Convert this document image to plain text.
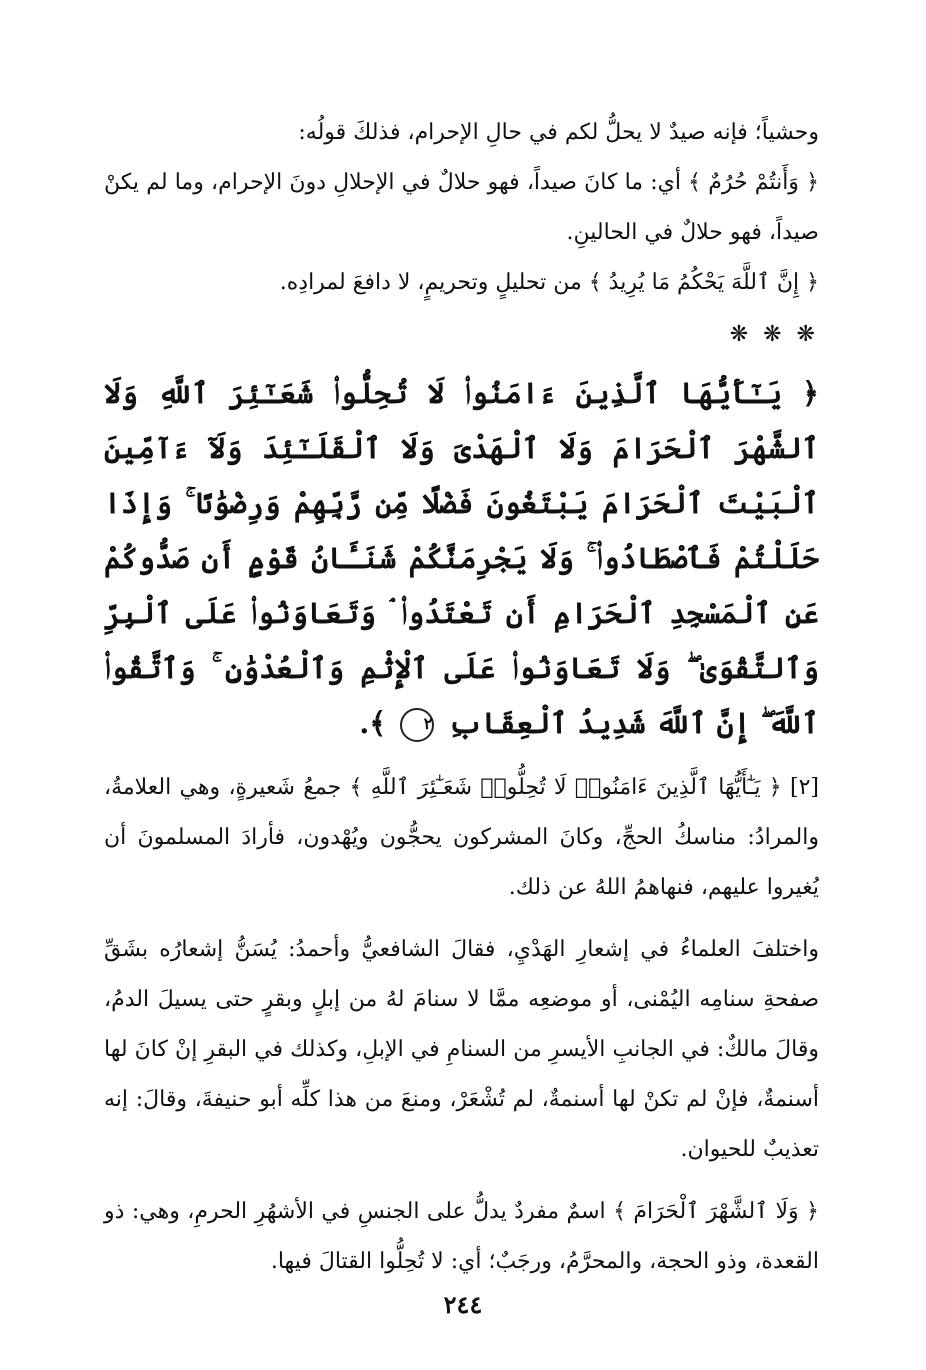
وحشياً؛ فإنه صيدٌ لا يحلُّ لكم في حالِ الإحرام، فذلكَ قولُه:

﴿ وَأَنتُمْ حُرُمٌ ﴾ أي: ما كانَ صيداً، فهو حلالٌ في الإحلالِ دونَ الإحرام، وما لم يكنْ صيداً، فهو حلالٌ في الحالينِ.

﴿ إِنَّ ٱللَّهَ يَحْكُمُ مَا يُرِيدُ ﴾ من تحليلٍ وتحريمٍ، لا دافعَ لمرادِه.

❋ ❋ ❋

﴿ يَـٰٓأَيُّهَا ٱلَّذِينَ ءَامَنُوا۟ لَا تُحِلُّوا۟ شَعَـٰٓئِرَ ٱللَّهِ وَلَا ٱلشَّهْرَ ٱلْحَرَامَ وَلَا ٱلْهَدْىَ وَلَا ٱلْقَلَـٰٓئِدَ وَلَآ ءَآمِّينَ ٱلْبَيْتَ ٱلْحَرَامَ يَبْتَغُونَ فَضْلًا مِّن رَّبِّهِمْ وَرِضْوَٰنًا ۚ وَإِذَا حَلَلْتُمْ فَٱصْطَادُوا۟ ۚ وَلَا يَجْرِمَنَّكُمْ شَنَـَٔانُ قَوْمٍ أَن صَدُّوكُمْ عَنِ ٱلْمَسْجِدِ ٱلْحَرَامِ أَن تَعْتَدُوا۟ ۘ وَتَعَاوَنُوا۟ عَلَى ٱلْبِرِّ وَٱلتَّقْوَىٰ ۖ وَلَا تَعَاوَنُوا۟ عَلَى ٱلْإِثْمِ وَٱلْعُدْوَٰنِ ۚ وَٱتَّقُوا۟ ٱللَّهَ ۖ إِنَّ ٱللَّهَ شَدِيدُ ٱلْعِقَابِ ٢ ﴾.

[٢] ﴿ يَـٰٓأَيُّهَا ٱلَّذِينَ ءَامَنُوا۟ لَا تُحِلُّوا۟ شَعَـٰٓئِرَ ٱللَّهِ ﴾ جمعُ شَعيرةٍ، وهي العلامةُ، والمرادُ: مناسكُ الحجِّ، وكانَ المشركون يحجُّون ويُهْدون، فأرادَ المسلمونَ أن يُغيروا عليهم، فنهاهمُ اللهُ عن ذلك.

واختلفَ العلماءُ في إشعارِ الهَدْيِ، فقالَ الشافعيُّ وأحمدُ: يُسَنُّ إشعارُه بشَقِّ صفحةِ سنامِه اليُمْنى، أو موضعِه ممَّا لا سنامَ لهُ من إبلٍ وبقرٍ حتى يسيلَ الدمُ، وقالَ مالكٌ: في الجانبِ الأيسرِ من السنامِ في الإبلِ، وكذلك في البقرِ إنْ كانَ لها أسنمةٌ، فإنْ لم تكنْ لها أسنمةٌ، لم تُشْعَرْ، ومنعَ من هذا كلِّه أبو حنيفةَ، وقالَ: إنه تعذيبٌ للحيوان.

﴿ وَلَا ٱلشَّهْرَ ٱلْحَرَامَ ﴾ اسمٌ مفردٌ يدلُّ على الجنسِ في الأشهُرِ الحرمِ، وهي: ذو القعدة، وذو الحجة، والمحرَّمُ، ورجَبٌ؛ أي: لا تُحِلُّوا القتالَ فيها.

٢٤٤
